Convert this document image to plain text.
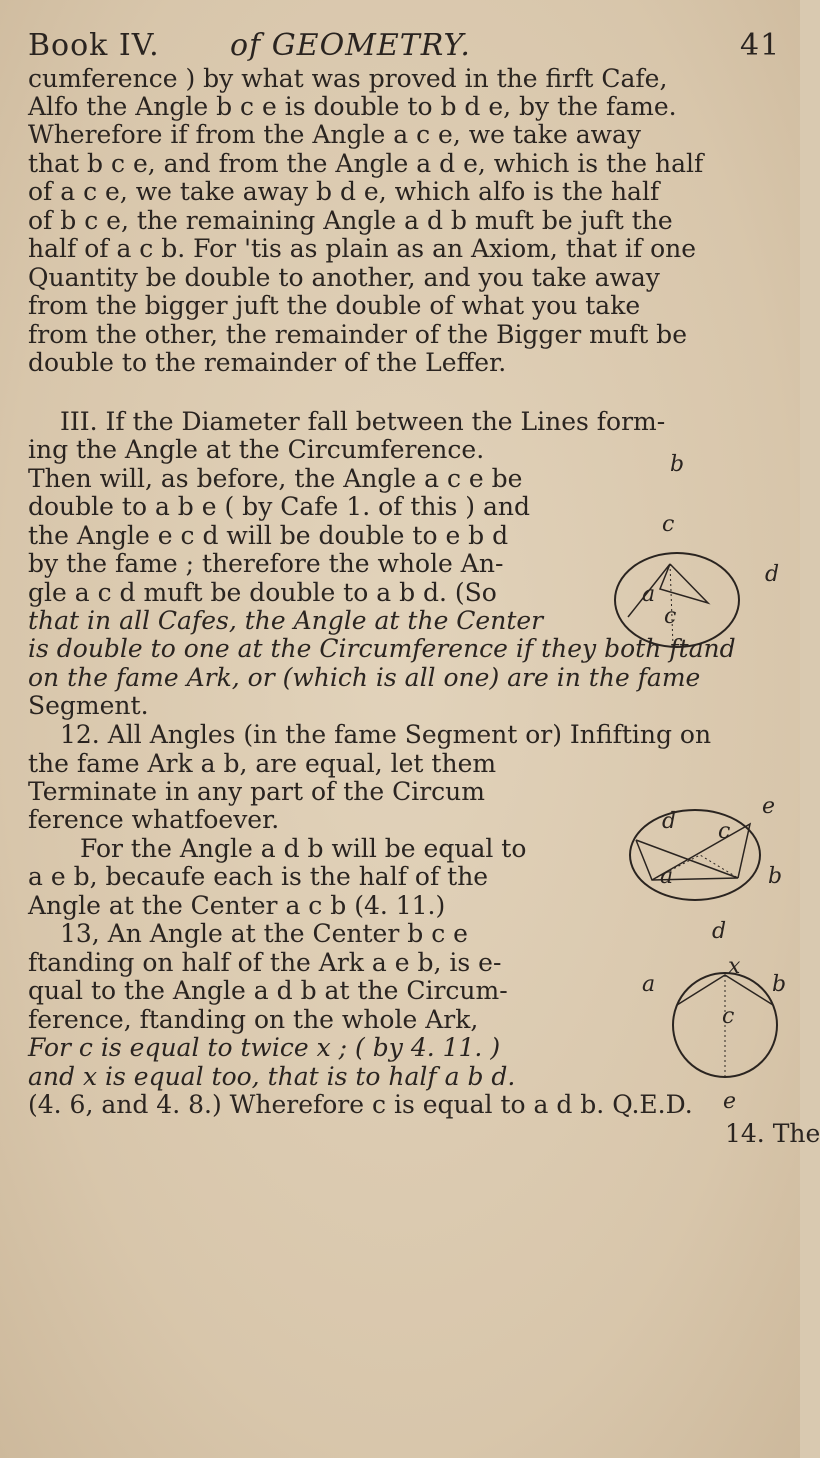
Book IV. of GEOMETRY.	41
cumference ) by what was proved in the firft Cafe,
Alfo the Angle b c e is double to b d e, by the fame.
Wherefore if from the Angle a c e, we take away
that b c e, and from the Angle a d e, which is the half
of a c e, we take away b d e, which alfo is the half
of b c e, the remaining Angle a d b muft be juft the
half of a c b. For 'tis as plain as an Axiom, that if one
Quantity be double to another, and you take away
from the bigger juft the double of what you take
from the other, the remainder of the Bigger muft be
double to the remainder of the Leffer.
III. If the Diameter fall between the Lines form-
ing the Angle at the Circumference.
Then will, as before, the Angle a c e be
double to a b e ( by Cafe 1. of this ) and
the Angle e c d will be double to e b d
by the fame ; therefore the whole An-
gle a c d muft be double to a b d. (So
that in all Cafes, the Angle at the Center
is double to one at the Circumference if they both ftand
on the fame Ark, or (which is all one) are in the fame
Segment.
12. All Angles (in the fame Segment or) Infifting on
the fame Ark a b, are equal, let them
Terminate in any part of the Circum
ference whatfoever.
For the Angle a d b will be equal to
a e b, becaufe each is the half of the
Angle at the Center a c b (4. 11.)
13, An Angle at the Center b c e
ftanding on half of the Ark a e b, is e-
qual to the Angle a d b at the Circum-
ference, ftanding on the whole Ark,
For c is equal to twice x ; ( by 4. 11. )
and x is equal too, that is to half a b d.
(4. 6, and 4. 8.) Wherefore c is equal to a d b. Q.E.D.
14. The
b
c
a
c
d
d c
e
a	b
d
a	b
x
c
e
